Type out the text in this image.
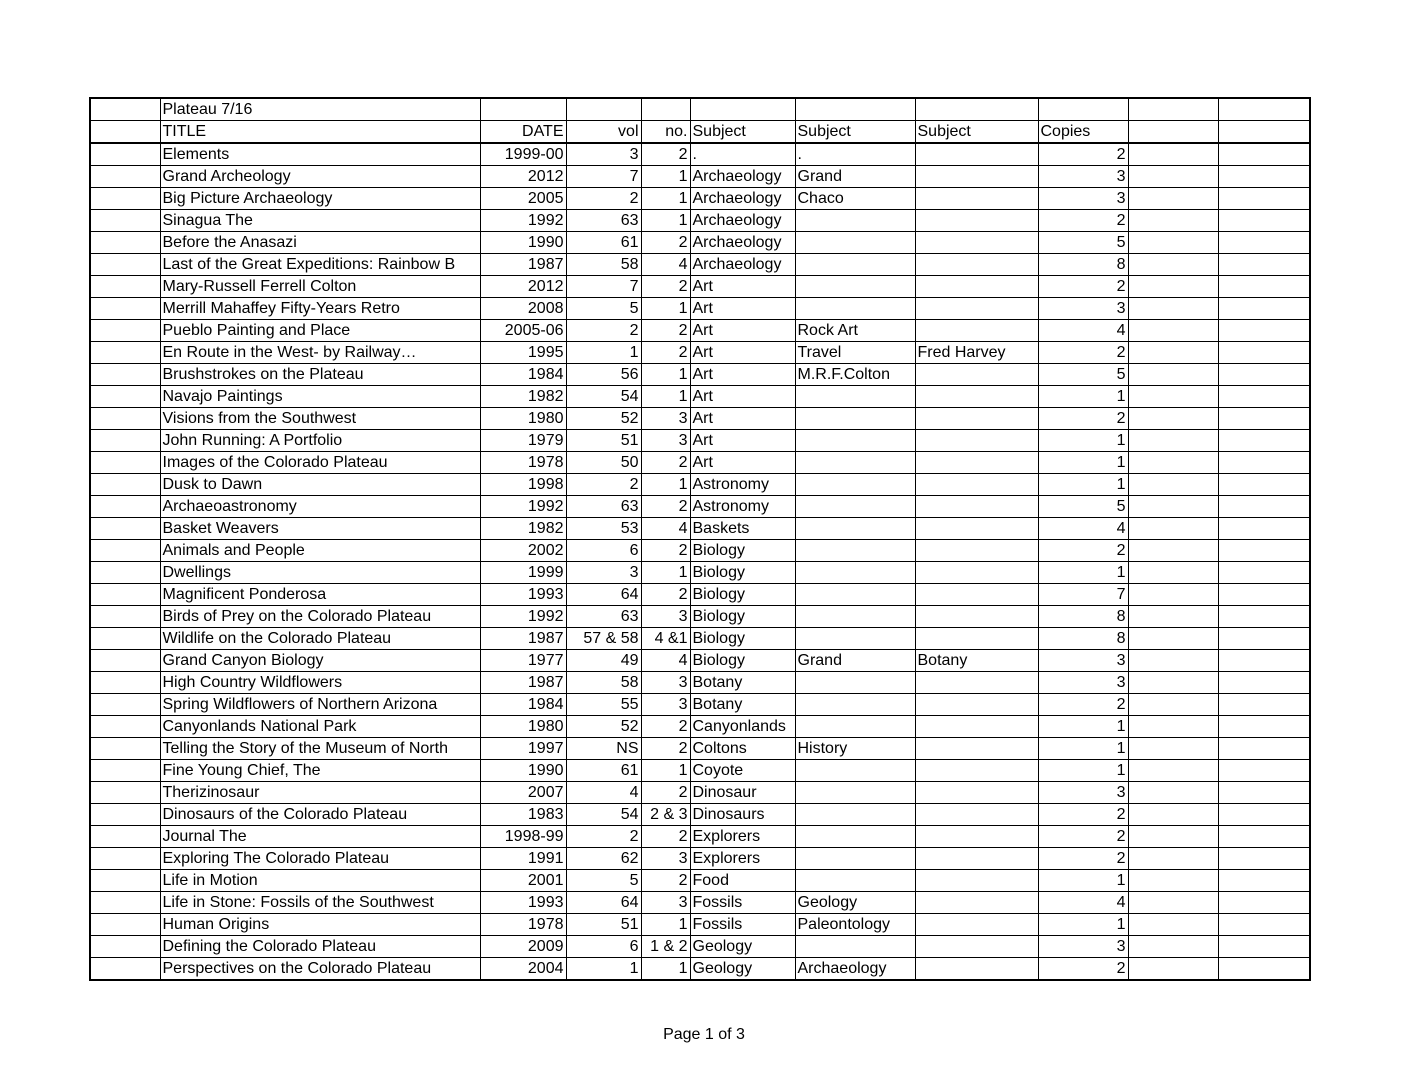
	Plateau 7/16									
	TITLE	DATE	vol	no.	Subject	Subject	Subject	Copies		
	Elements	1999-00	3	2	.	.		2		
	Grand Archeology	2012	7	1	Archaeology	Grand		3		
	Big Picture Archaeology	2005	2	1	Archaeology	Chaco		3		
	Sinagua The	1992	63	1	Archaeology			2		
	Before the Anasazi	1990	61	2	Archaeology			5		
	Last of the Great Expeditions: Rainbow B	1987	58	4	Archaeology			8		
	Mary-Russell Ferrell Colton	2012	7	2	Art			2		
	Merrill Mahaffey Fifty-Years Retro	2008	5	1	Art			3		
	Pueblo Painting and Place	2005-06	2	2	Art	Rock Art		4		
	En Route in the West- by Railway…	1995	1	2	Art	Travel	Fred Harvey	2		
	Brushstrokes on the Plateau	1984	56	1	Art	M.R.F.Colton		5		
	Navajo Paintings	1982	54	1	Art			1		
	Visions from the Southwest	1980	52	3	Art			2		
	John Running: A Portfolio	1979	51	3	Art			1		
	Images of the Colorado Plateau	1978	50	2	Art			1		
	Dusk to Dawn	1998	2	1	Astronomy			1		
	Archaeoastronomy	1992	63	2	Astronomy			5		
	Basket Weavers	1982	53	4	Baskets			4		
	Animals and People	2002	6	2	Biology			2		
	Dwellings	1999	3	1	Biology			1		
	Magnificent Ponderosa	1993	64	2	Biology			7		
	Birds of Prey on the Colorado Plateau	1992	63	3	Biology			8		
	Wildlife on the Colorado Plateau	1987	57 & 58	4 &1	Biology			8		
	Grand Canyon Biology	1977	49	4	Biology	Grand	Botany	3		
	High Country Wildflowers	1987	58	3	Botany			3		
	Spring Wildflowers of Northern Arizona	1984	55	3	Botany			2		
	Canyonlands National Park	1980	52	2	Canyonlands			1		
	Telling the Story of the Museum of North	1997	NS	2	Coltons	History		1		
	Fine Young Chief, The	1990	61	1	Coyote			1		
	Therizinosaur	2007	4	2	Dinosaur			3		
	Dinosaurs of the Colorado Plateau	1983	54	2 & 3	Dinosaurs			2		
	Journal The	1998-99	2	2	Explorers			2		
	Exploring The Colorado Plateau	1991	62	3	Explorers			2		
	Life in Motion	2001	5	2	Food			1		
	Life in Stone: Fossils of the Southwest	1993	64	3	Fossils	Geology		4		
	Human Origins	1978	51	1	Fossils	Paleontology		1		
	Defining the Colorado Plateau	2009	6	1 & 2	Geology			3		
	Perspectives on the Colorado Plateau	2004	1	1	Geology	Archaeology		2		
Page 1 of 3
